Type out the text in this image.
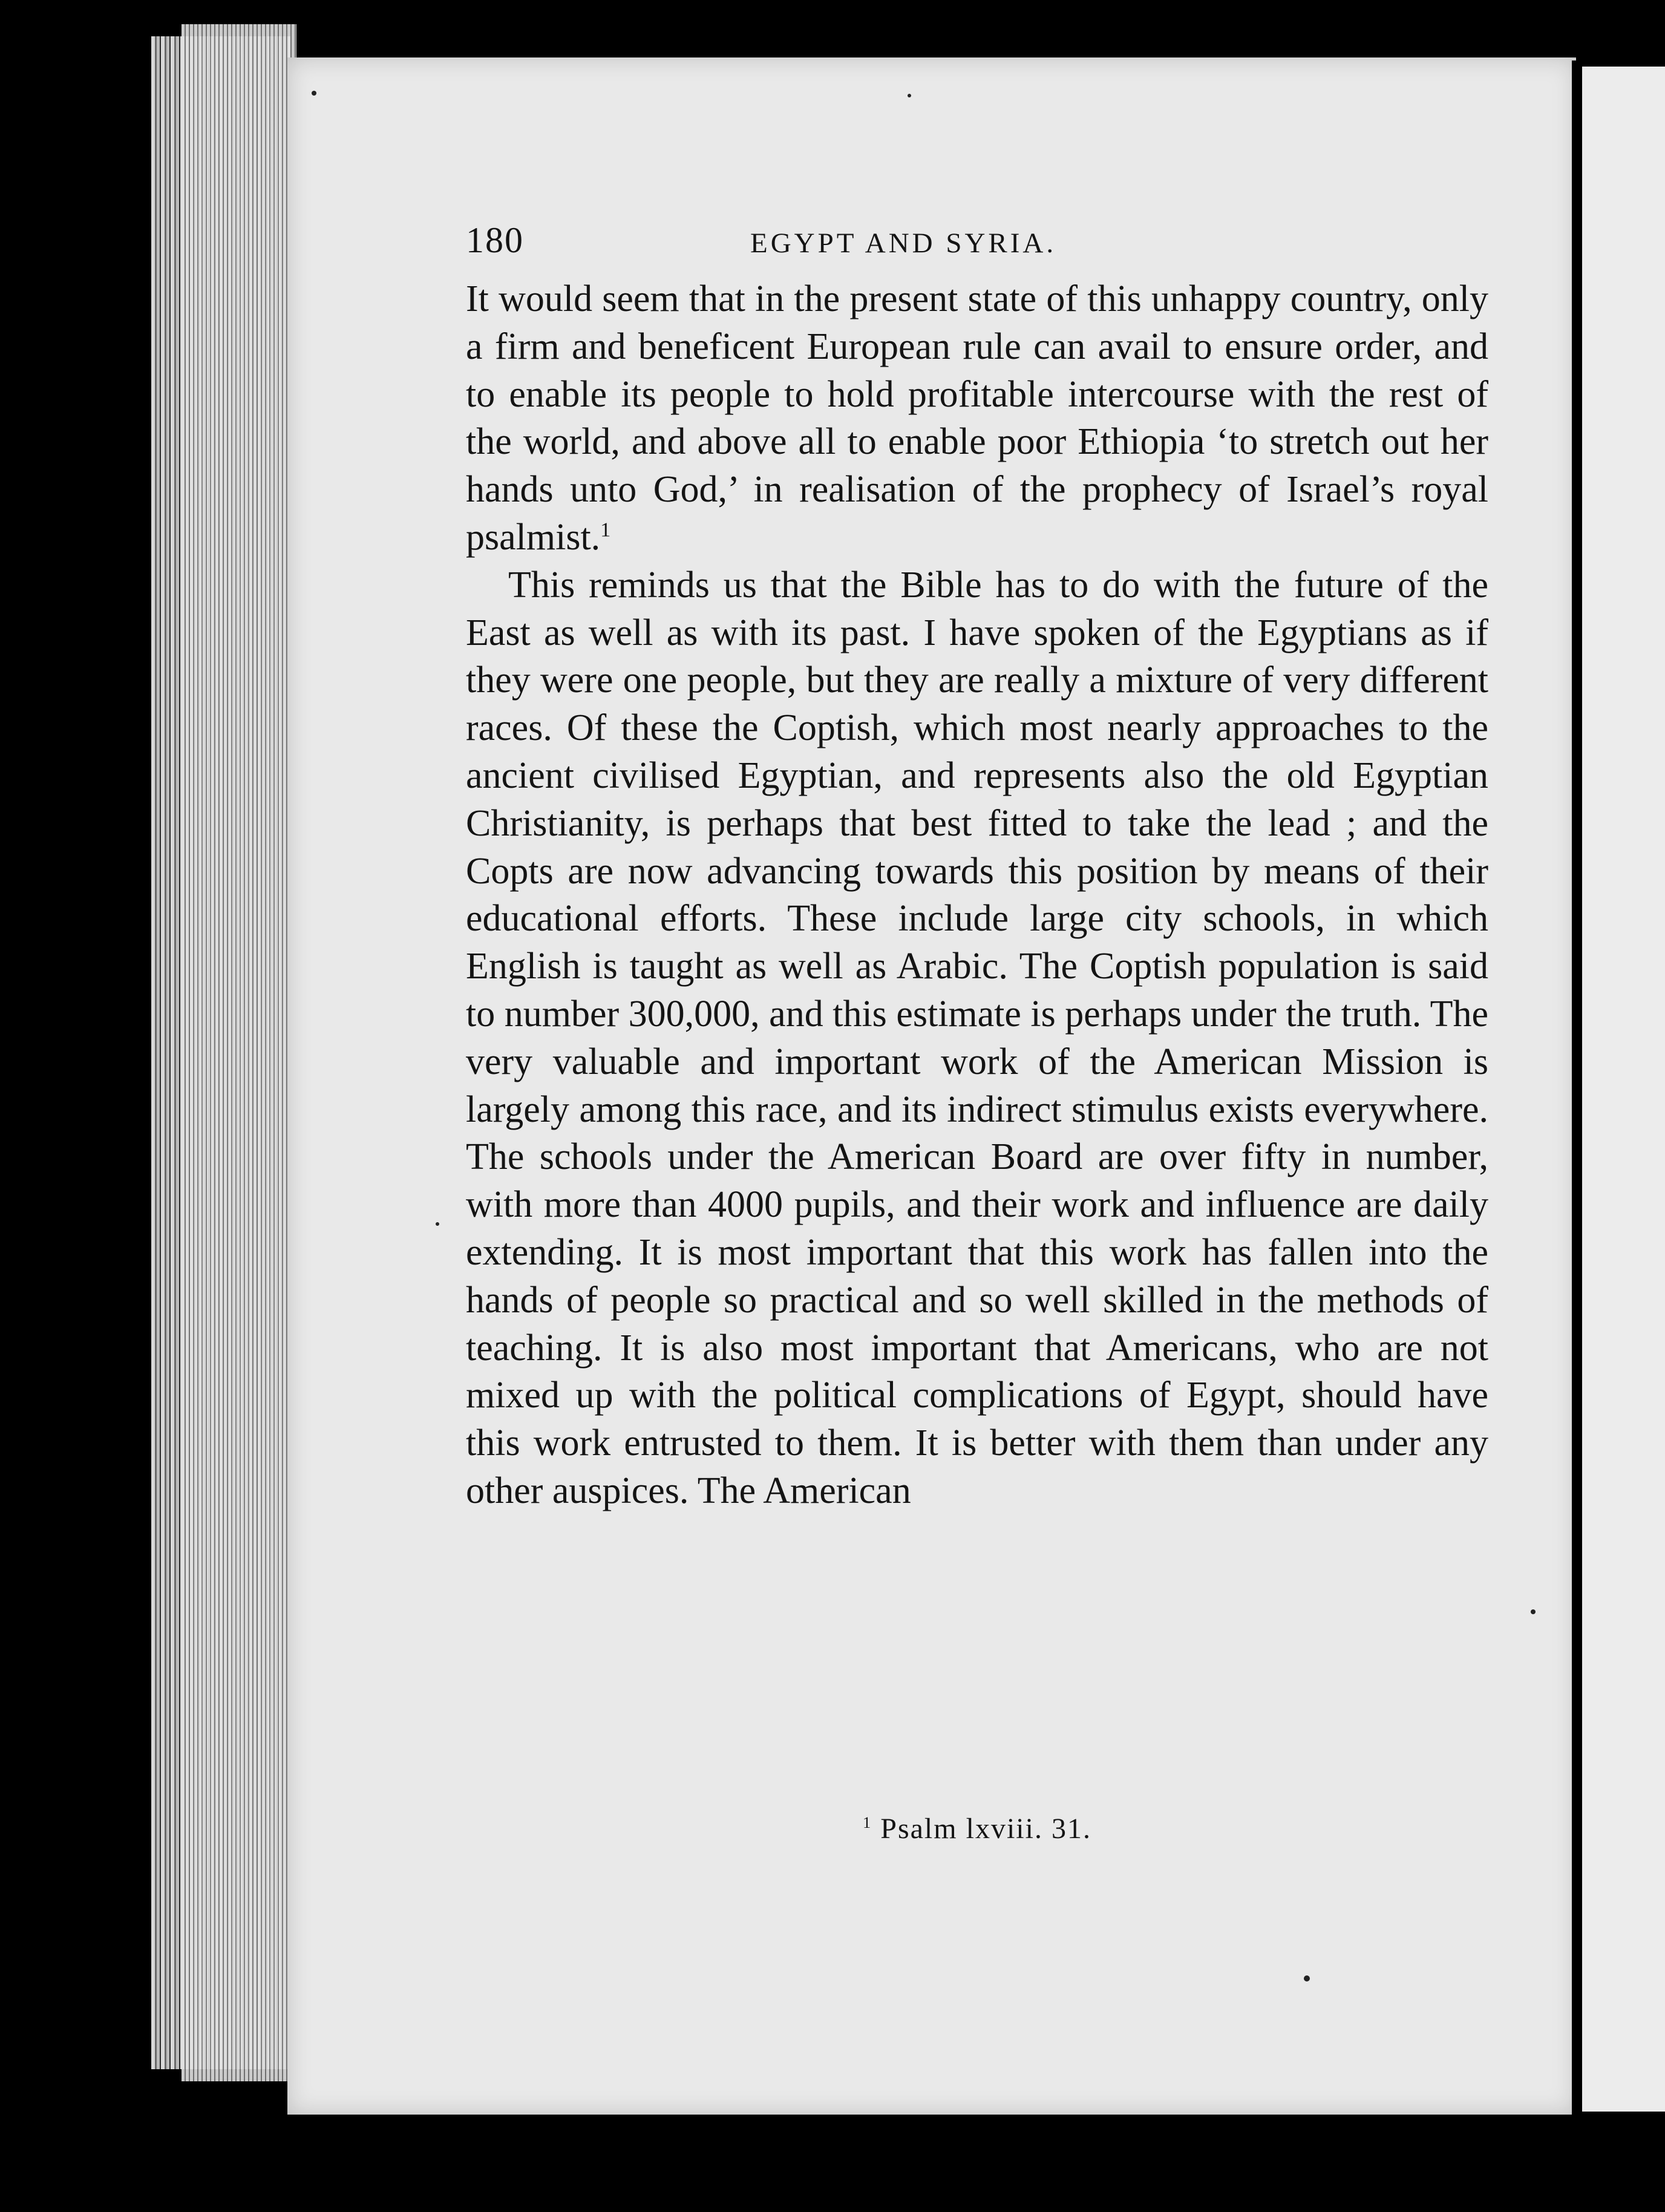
180	EGYPT AND SYRIA.

It would seem that in the present state of this unhappy country, only a firm and beneficent European rule can avail to ensure order, and to enable its people to hold profitable intercourse with the rest of the world, and above all to enable poor Ethiopia ‘to stretch out her hands unto God,’ in realisation of the prophecy of Israel’s royal psalmist.$^1$

This reminds us that the Bible has to do with the future of the East as well as with its past. I have spoken of the Egyptians as if they were one people, but they are really a mixture of very different races. Of these the Coptish, which most nearly approaches to the ancient civilised Egyptian, and represents also the old Egyptian Christianity, is perhaps that best fitted to take the lead ; and the Copts are now advancing towards this position by means of their educational efforts. These include large city schools, in which English is taught as well as Arabic. The Coptish population is said to number 300,000, and this estimate is perhaps under the truth. The very valuable and important work of the American Mission is largely among this race, and its indirect stimulus exists everywhere. The schools under the American Board are over fifty in number, with more than 4000 pupils, and their work and influence are daily extending. It is most important that this work has fallen into the hands of people so practical and so well skilled in the methods of teaching. It is also most important that Americans, who are not mixed up with the political complications of Egypt, should have this work entrusted to them. It is better with them than under any other auspices. The American

$^1$ Psalm lxviii. 31.
